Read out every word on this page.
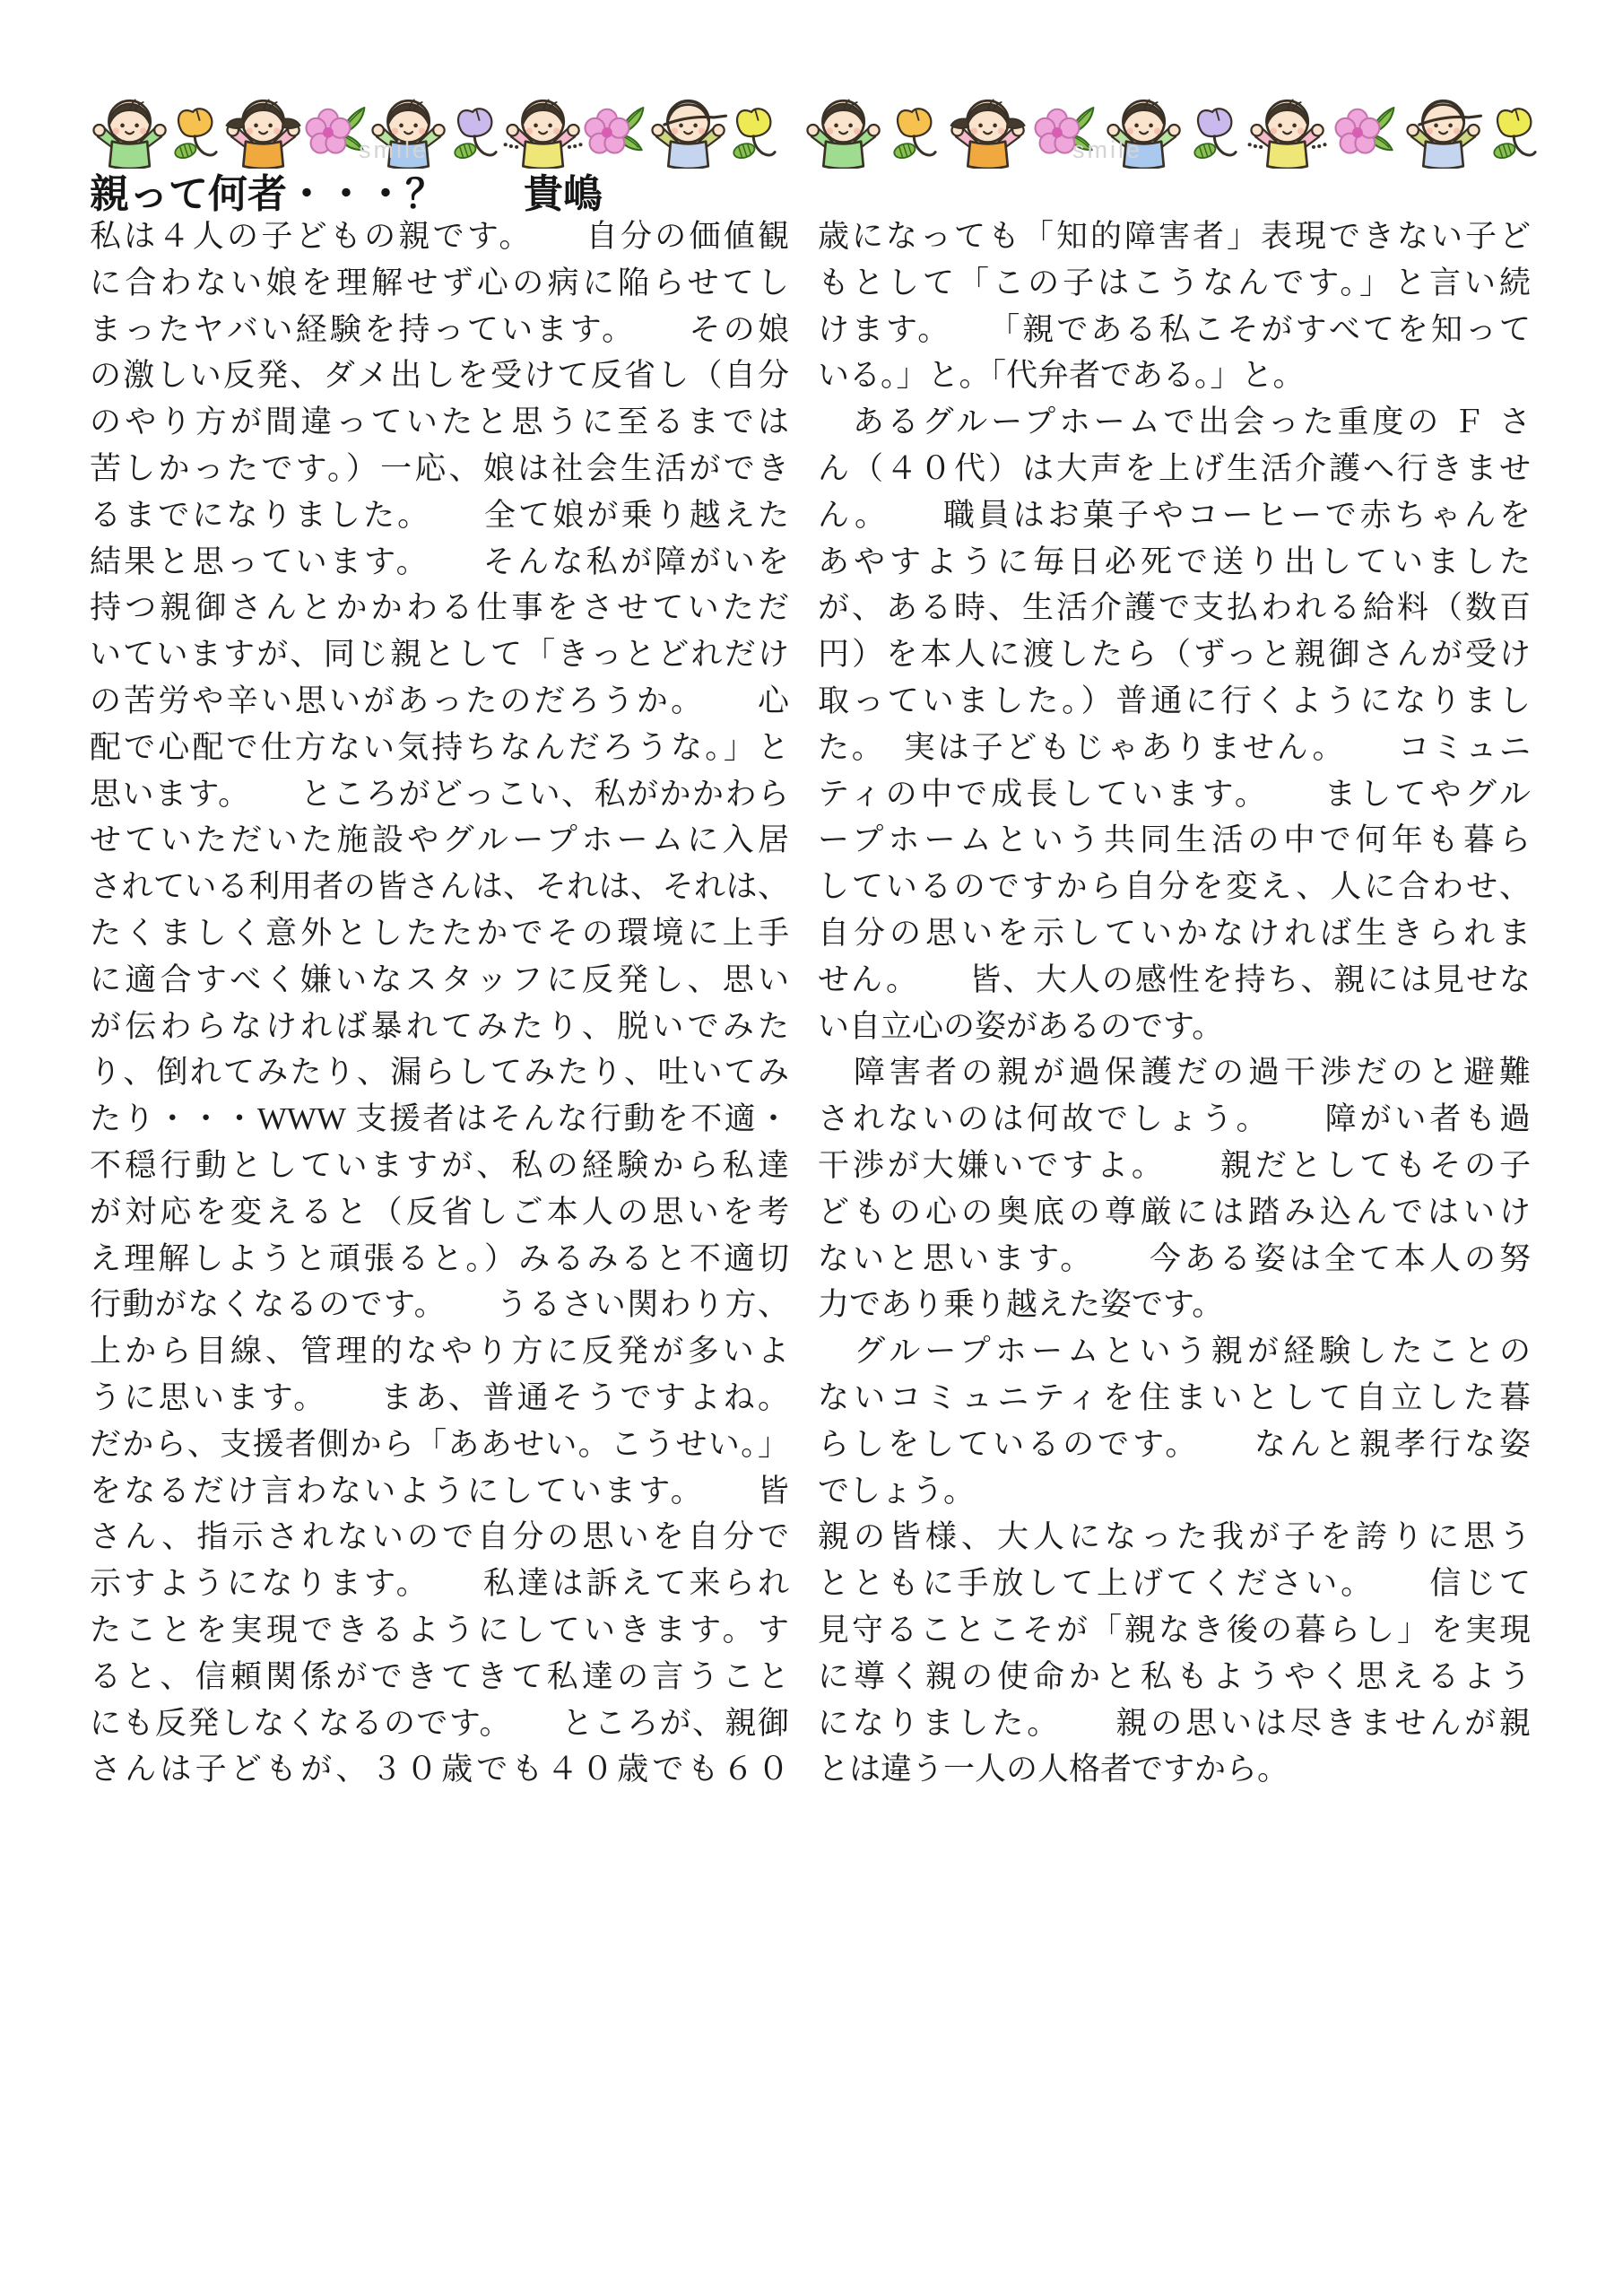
smile	smile
親って何者・・・？　　貴嶋
私は４人の子どもの親です。　　自分の価値観
に合わない娘を理解せず心の病に陥らせてし
まったヤバい経験を持っています。　　その娘
の激しい反発、ダメ出しを受けて反省し（自分
のやり方が間違っていたと思うに至るまでは
苦しかったです。）一応、娘は社会生活ができ
るまでになりました。　　全て娘が乗り越えた
結果と思っています。　　そんな私が障がいを
持つ親御さんとかかわる仕事をさせていただ
いていますが、同じ親として「きっとどれだけ
の苦労や辛い思いがあったのだろうか。　　心
配で心配で仕方ない気持ちなんだろうな。」と
思います。　　ところがどっこい、私がかかわら
せていただいた施設やグループホームに入居
されている利用者の皆さんは、それは、それは、
たくましく意外としたたかでその環境に上手
に適合すべく嫌いなスタッフに反発し、思い
が伝わらなければ暴れてみたり、脱いでみた
り、倒れてみたり、漏らしてみたり、吐いてみ
たり・・・WWW 支援者はそんな行動を不適・
不穏行動としていますが、私の経験から私達
が対応を変えると（反省しご本人の思いを考
え理解しようと頑張ると。）みるみると不適切
行動がなくなるのです。　　うるさい関わり方、
上から目線、管理的なやり方に反発が多いよ
うに思います。　　まあ、普通そうですよね。
だから、支援者側から「ああせい。こうせい。」
をなるだけ言わないようにしています。　　皆
さん、指示されないので自分の思いを自分で
示すようになります。　　私達は訴えて来られ
たことを実現できるようにしていきます。す
ると、信頼関係ができてきて私達の言うこと
にも反発しなくなるのです。　　ところが、親御
さんは子どもが、３０歳でも４０歳でも６０
歳になっても「知的障害者」表現できない子ど
もとして「この子はこうなんです。」と言い続
けます。　　「親である私こそがすべてを知って
いる。」と。「代弁者である。」と。
　あるグループホームで出会った重度の Ｆ さ
ん（４０代）は大声を上げ生活介護へ行きませ
ん。　　職員はお菓子やコーヒーで赤ちゃんを
あやすように毎日必死で送り出していました
が、ある時、生活介護で支払われる給料（数百
円）を本人に渡したら（ずっと親御さんが受け
取っていました。）普通に行くようになりまし
た。　実は子どもじゃありません。　　コミュニ
ティの中で成長しています。　　ましてやグル
ープホームという共同生活の中で何年も暮ら
しているのですから自分を変え、人に合わせ、
自分の思いを示していかなければ生きられま
せん。　　皆、大人の感性を持ち、親には見せな
い自立心の姿があるのです。
　障害者の親が過保護だの過干渉だのと避難
されないのは何故でしょう。　　障がい者も過
干渉が大嫌いですよ。　　親だとしてもその子
どもの心の奥底の尊厳には踏み込んではいけ
ないと思います。　　今ある姿は全て本人の努
力であり乗り越えた姿です。
　グループホームという親が経験したことの
ないコミュニティを住まいとして自立した暮
らしをしているのです。　　なんと親孝行な姿
でしょう。
親の皆様、大人になった我が子を誇りに思う
とともに手放して上げてください。　　信じて
見守ることこそが「親なき後の暮らし」を実現
に導く親の使命かと私もようやく思えるよう
になりました。　　親の思いは尽きませんが親
とは違う一人の人格者ですから。
